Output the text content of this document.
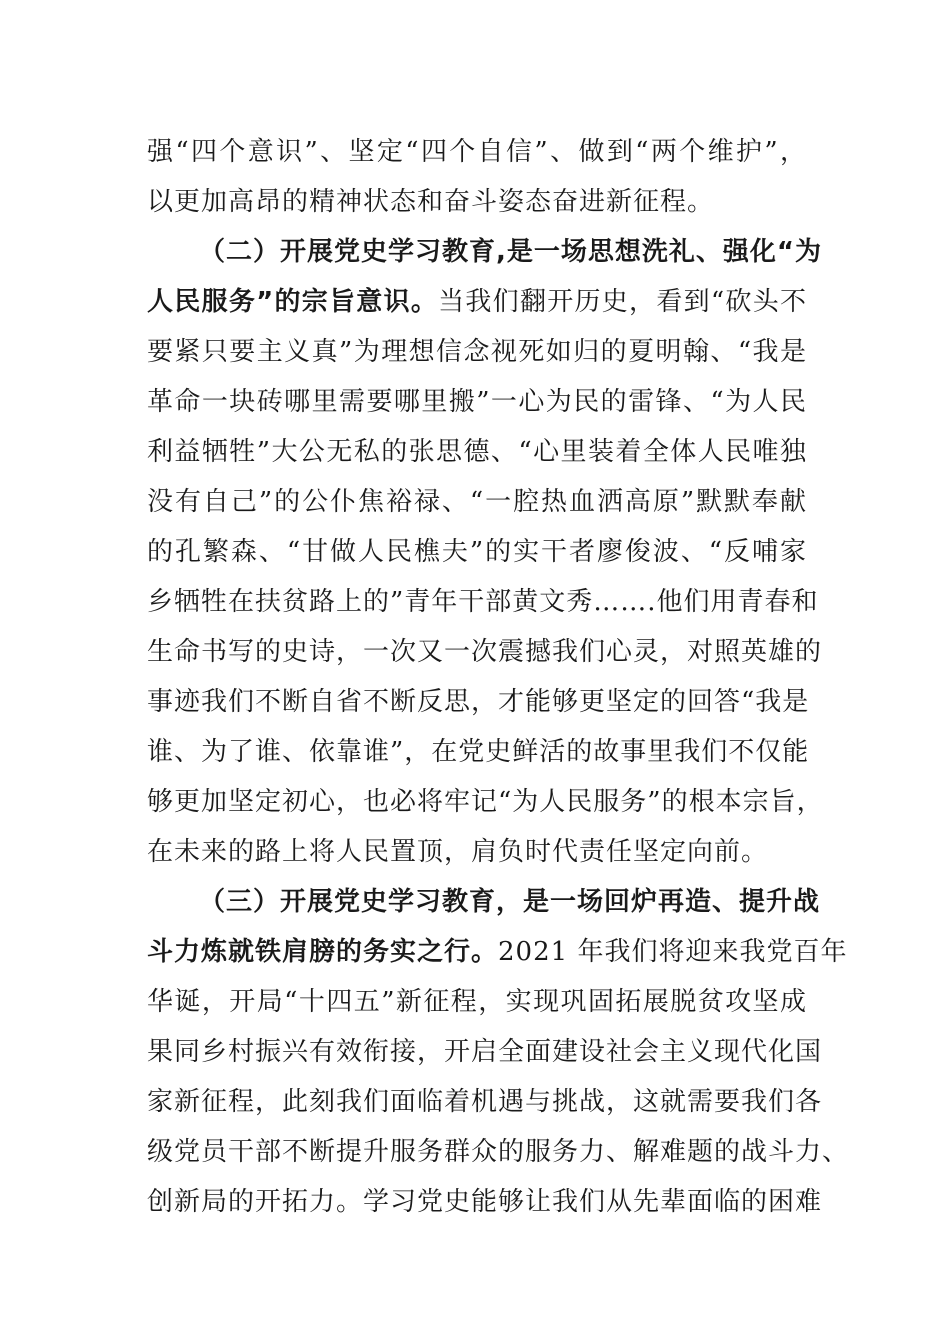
强“四个意识”、坚定“四个自信”、做到“两个维护”，
以更加高昂的精神状态和奋斗姿态奋进新征程。
（二）开展党史学习教育,是一场思想洗礼、强化“为
人民服务”的宗旨意识。当我们翻开历史，看到“砍头不
要紧只要主义真”为理想信念视死如归的夏明翰、“我是
革命一块砖哪里需要哪里搬”一心为民的雷锋、“为人民
利益牺牲”大公无私的张思德、“心里装着全体人民唯独
没有自己”的公仆焦裕禄、“一腔热血洒高原”默默奉献
的孔繁森、“甘做人民樵夫”的实干者廖俊波、“反哺家
乡牺牲在扶贫路上的”青年干部黄文秀…….他们用青春和
生命书写的史诗，一次又一次震撼我们心灵，对照英雄的
事迹我们不断自省不断反思，才能够更坚定的回答“我是
谁、为了谁、依靠谁”，在党史鲜活的故事里我们不仅能
够更加坚定初心，也必将牢记“为人民服务”的根本宗旨，
在未来的路上将人民置顶，肩负时代责任坚定向前。
（三）开展党史学习教育，是一场回炉再造、提升战
斗力炼就铁肩膀的务实之行。2021 年我们将迎来我党百年
华诞，开局“十四五”新征程，实现巩固拓展脱贫攻坚成
果同乡村振兴有效衔接，开启全面建设社会主义现代化国
家新征程，此刻我们面临着机遇与挑战，这就需要我们各
级党员干部不断提升服务群众的服务力、解难题的战斗力、
创新局的开拓力。学习党史能够让我们从先辈面临的困难
